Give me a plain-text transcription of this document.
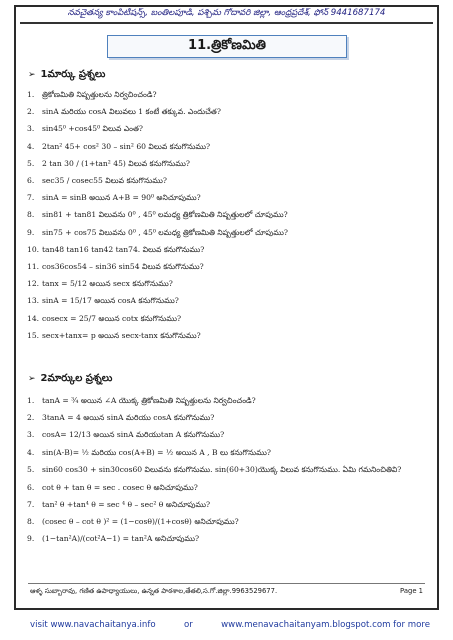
నవచైతన్య కాంపిటీషన్స్, బంతిలపూడి, పశ్చిమ గోదావరి జిల్లా, ఆంధ్రప్రదేశ్, ఫోన్ 9441687174
11.త్రికోణమితి
➢ 1మార్కు ప్రశ్నలు
1.	త్రికోణమితి నిష్పత్తులను నిర్వచించండి?
2.	sinA మరియు cosA విలువలు 1 కంటే తక్కువ. ఎందుచేత?
3.	sin45⁰ +cos45⁰ విలువ ఎంత?
4.	2tan² 45+ cos² 30 – sin² 60 విలువ కనుగొనుము?
5.	2 tan 30 / (1+tan² 45) విలువ కనుగొనుము?
6.	sec35 / cosec55 విలువ కనుగొనుము?
7.	sinA = sinB అయిన A+B = 90⁰ అనిచూపుము?
8.	sin81 + tan81 విలువను 0⁰ , 45⁰ లమధ్య త్రికోణమితి నిష్పత్తులలో చూపుము?
9.	sin75 + cos75 విలువను 0⁰ , 45⁰ లమధ్య త్రికోణమితి నిష్పత్తులలో చూపుము?
10. tan48 tan16 tan42 tan74. విలువ కనుగొనుము?
11. cos36cos54 – sin36 sin54 విలువ కనుగొనుము?
12. tanx = 5/12 అయిన secx కనుగొనుము?
13. sinA = 15/17 అయిన cosA కనుగొనుము?
14. cosecx = 25/7 అయిన cotx కనుగొనుము?
15. secx+tanx= p అయిన secx-tanx కనుగొనుము?
➢ 2మార్కుల ప్రశ్నలు
1.	tanA = ¾ అయిన ∠A యొక్క త్రికోణమితి నిష్పత్తులను నిర్వచించండి?
2.	3tanA = 4 అయిన sinA మరియు cosA కనుగొనుము?
3.	cosA= 12/13 అయిన sinA మరియుtan A కనుగొనుము?
4.	sin(A-B)= ½ మరియు cos(A+B) = ½ అయిన A , B లు కనుగొనుము?
5.	sin60 cos30 + sin30cos60 విలువను కనుగొనుము. sin(60+30)యొక్క విలువ కనుగొనుము. ఏమి గమనించితివి?
6.	cot θ + tan θ = sec . cosec θ అనిచూపుము?
7.	tan² θ +tan⁴ θ = sec ⁴ θ – sec² θ అనిచూపుము?
8.	(cosec θ – cot θ )² = (1−cosθ)/(1+cosθ) అనిచూపుము?
9.	(1−tan²A)/(cot²A−1) = tan²A అనిచూపుము?
ఆళ్ళ సుబ్బారావు, గణిత ఉపాధ్యాయులు, ఉన్నత పాఠశాల,తేతలి,స.గో.జిల్లా.9963529677.	Page 1
visit www.navachaitanya.info	or	www.menavachaitanyam.blogspot.com for more
